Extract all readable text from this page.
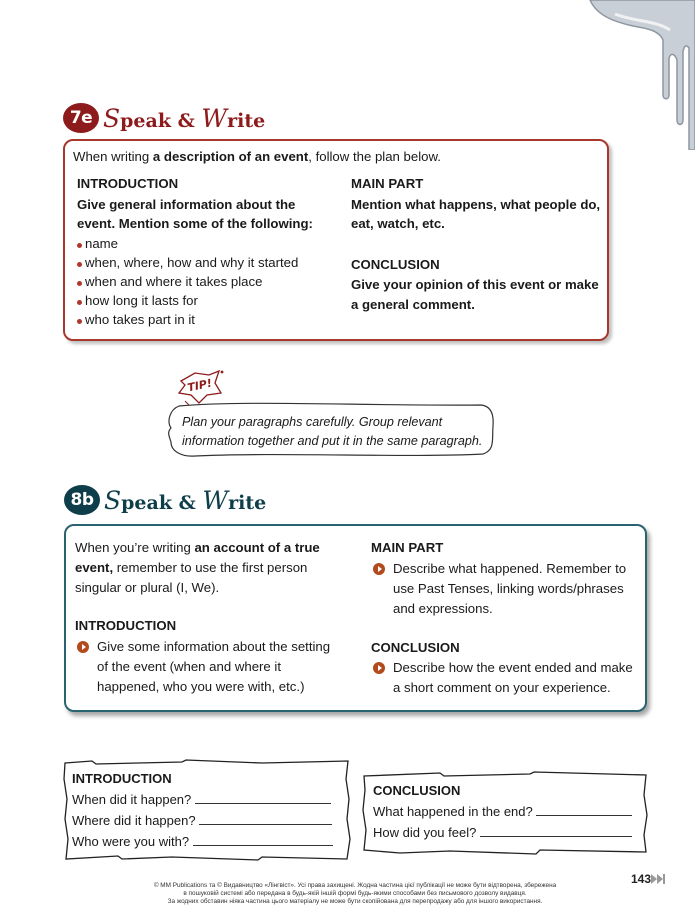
7e Speak & Write
When writing a description of an event, follow the plan below.
INTRODUCTION
Give general information about the event. Mention some of the following:
name
when, where, how and why it started
when and where it takes place
how long it lasts for
who takes part in it
MAIN PART
Mention what happens, what people do, eat, watch, etc.
CONCLUSION
Give your opinion of this event or make a general comment.
Plan your paragraphs carefully. Group relevant information together and put it in the same paragraph.
TIP!
8b Speak & Write
When you’re writing an account of a true event, remember to use the first person singular or plural (I, We).
INTRODUCTION
Give some information about the setting of the event (when and where it happened, who you were with, etc.)
MAIN PART
Describe what happened. Remember to use Past Tenses, linking words/phrases and expressions.
CONCLUSION
Describe how the event ended and make a short comment on your experience.
INTRODUCTION
When did it happen?
Where did it happen?
Who were you with?
CONCLUSION
What happened in the end?
How did you feel?
© MM Publications та © Видавництво «Лінгвіст». Усі права захищені. Жодна частина цієї публікації не може бути відтворена, збережена
в пошуковій системі або передана в будь-якій іншій формі будь-якими способами без письмового дозволу видавця.
За жодних обставин ніяка частина цього матеріалу не може бути скопійована для перепродажу або для іншого використання.
143
